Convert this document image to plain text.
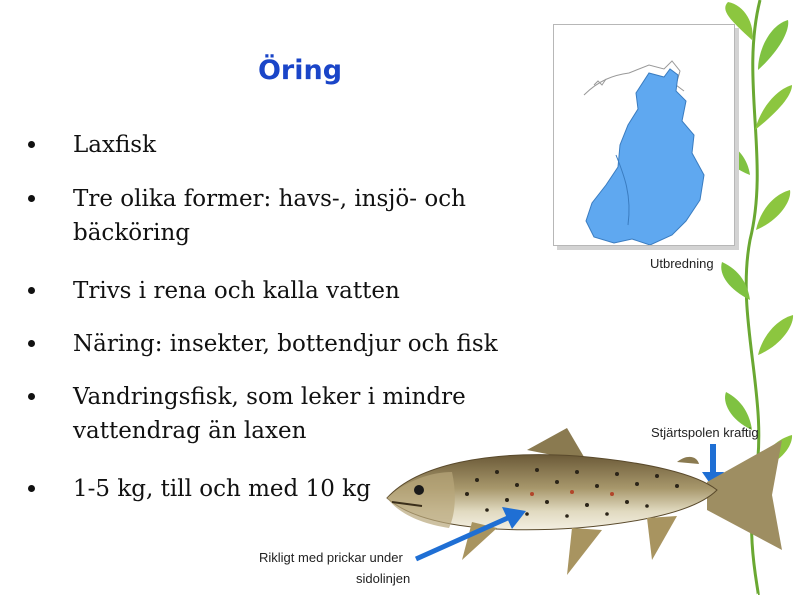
Öring
Laxfisk
Tre olika former: havs-, insjö- och bäcköring
Trivs i rena och kalla vatten
Näring: insekter, bottendjur och fisk
Vandringsfisk, som leker i mindre vattendrag än laxen
1-5 kg, till och med 10 kg
Utbredning
Stjärtspolen kraftig
Rikligt med prickar under
sidolinjen
